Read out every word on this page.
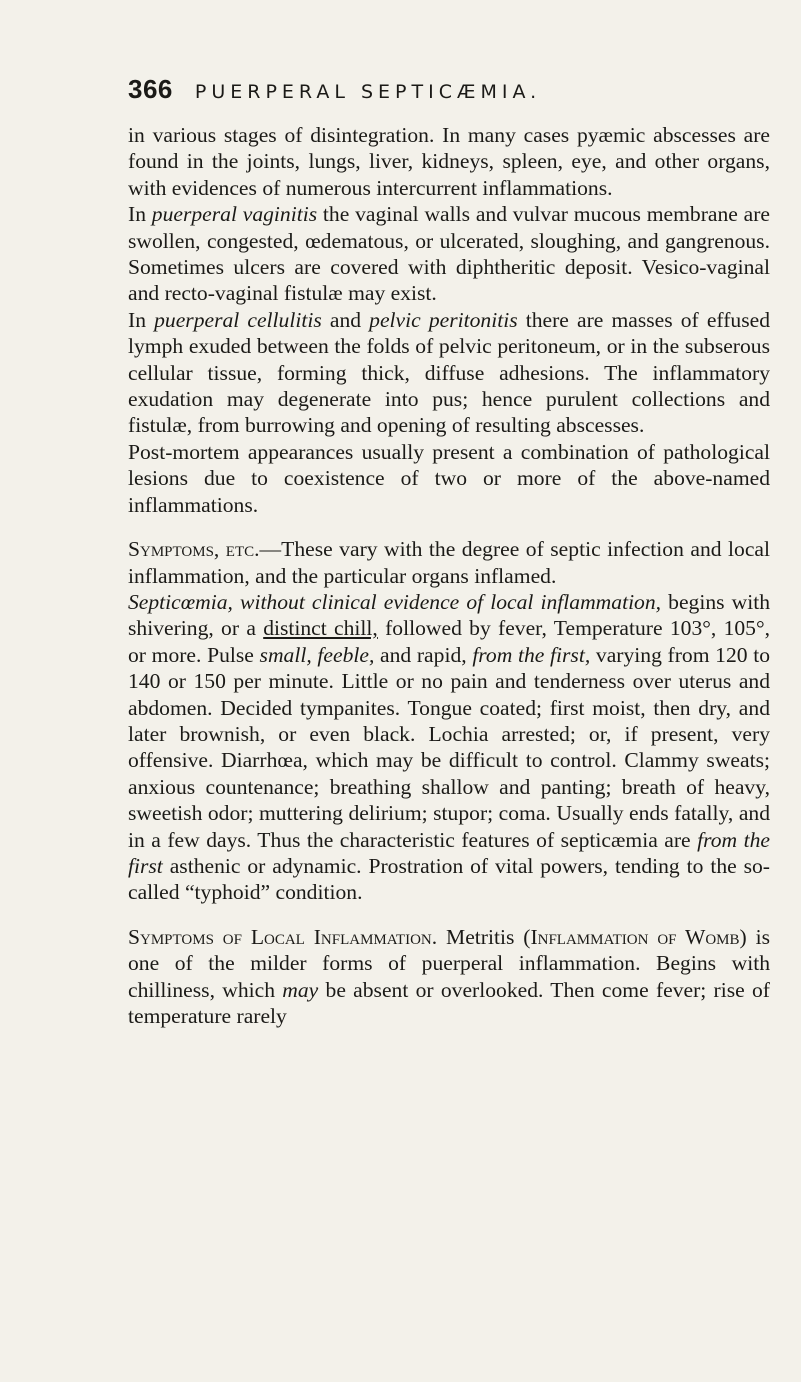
366 PUERPERAL SEPTICÆMIA.

in various stages of disintegration. In many cases pyæmic abscesses are found in the joints, lungs, liver, kidneys, spleen, eye, and other organs, with evidences of numerous intercurrent inflammations.

In puerperal vaginitis the vaginal walls and vulvar mucous membrane are swollen, congested, œdematous, or ulcerated, sloughing, and gangrenous. Sometimes ulcers are covered with diphtheritic deposit. Vesico-vaginal and recto-vaginal fistulæ may exist.

In puerperal cellulitis and pelvic peritonitis there are masses of effused lymph exuded between the folds of pelvic peritoneum, or in the subserous cellular tissue, forming thick, diffuse adhesions. The inflammatory exudation may degenerate into pus; hence purulent collections and fistulæ, from burrowing and opening of resulting abscesses.

Post-mortem appearances usually present a combination of pathological lesions due to coexistence of two or more of the above-named inflammations.

Symptoms, etc.—These vary with the degree of septic infection and local inflammation, and the particular organs inflamed.

Septicœmia, without clinical evidence of local inflammation, begins with shivering, or a distinct chill, followed by fever, Temperature 103°, 105°, or more. Pulse small, feeble, and rapid, from the first, varying from 120 to 140 or 150 per minute. Little or no pain and tenderness over uterus and abdomen. Decided tympanites. Tongue coated; first moist, then dry, and later brownish, or even black. Lochia arrested; or, if present, very offensive. Diarrhœa, which may be difficult to control. Clammy sweats; anxious countenance; breathing shallow and panting; breath of heavy, sweetish odor; muttering delirium; stupor; coma. Usually ends fatally, and in a few days. Thus the characteristic features of septicæmia are from the first asthenic or adynamic. Prostration of vital powers, tending to the so-called “typhoid” condition.

Symptoms of Local Inflammation. Metritis (Inflammation of Womb) is one of the milder forms of puerperal inflammation. Begins with chilliness, which may be absent or overlooked. Then come fever; rise of temperature rarely
